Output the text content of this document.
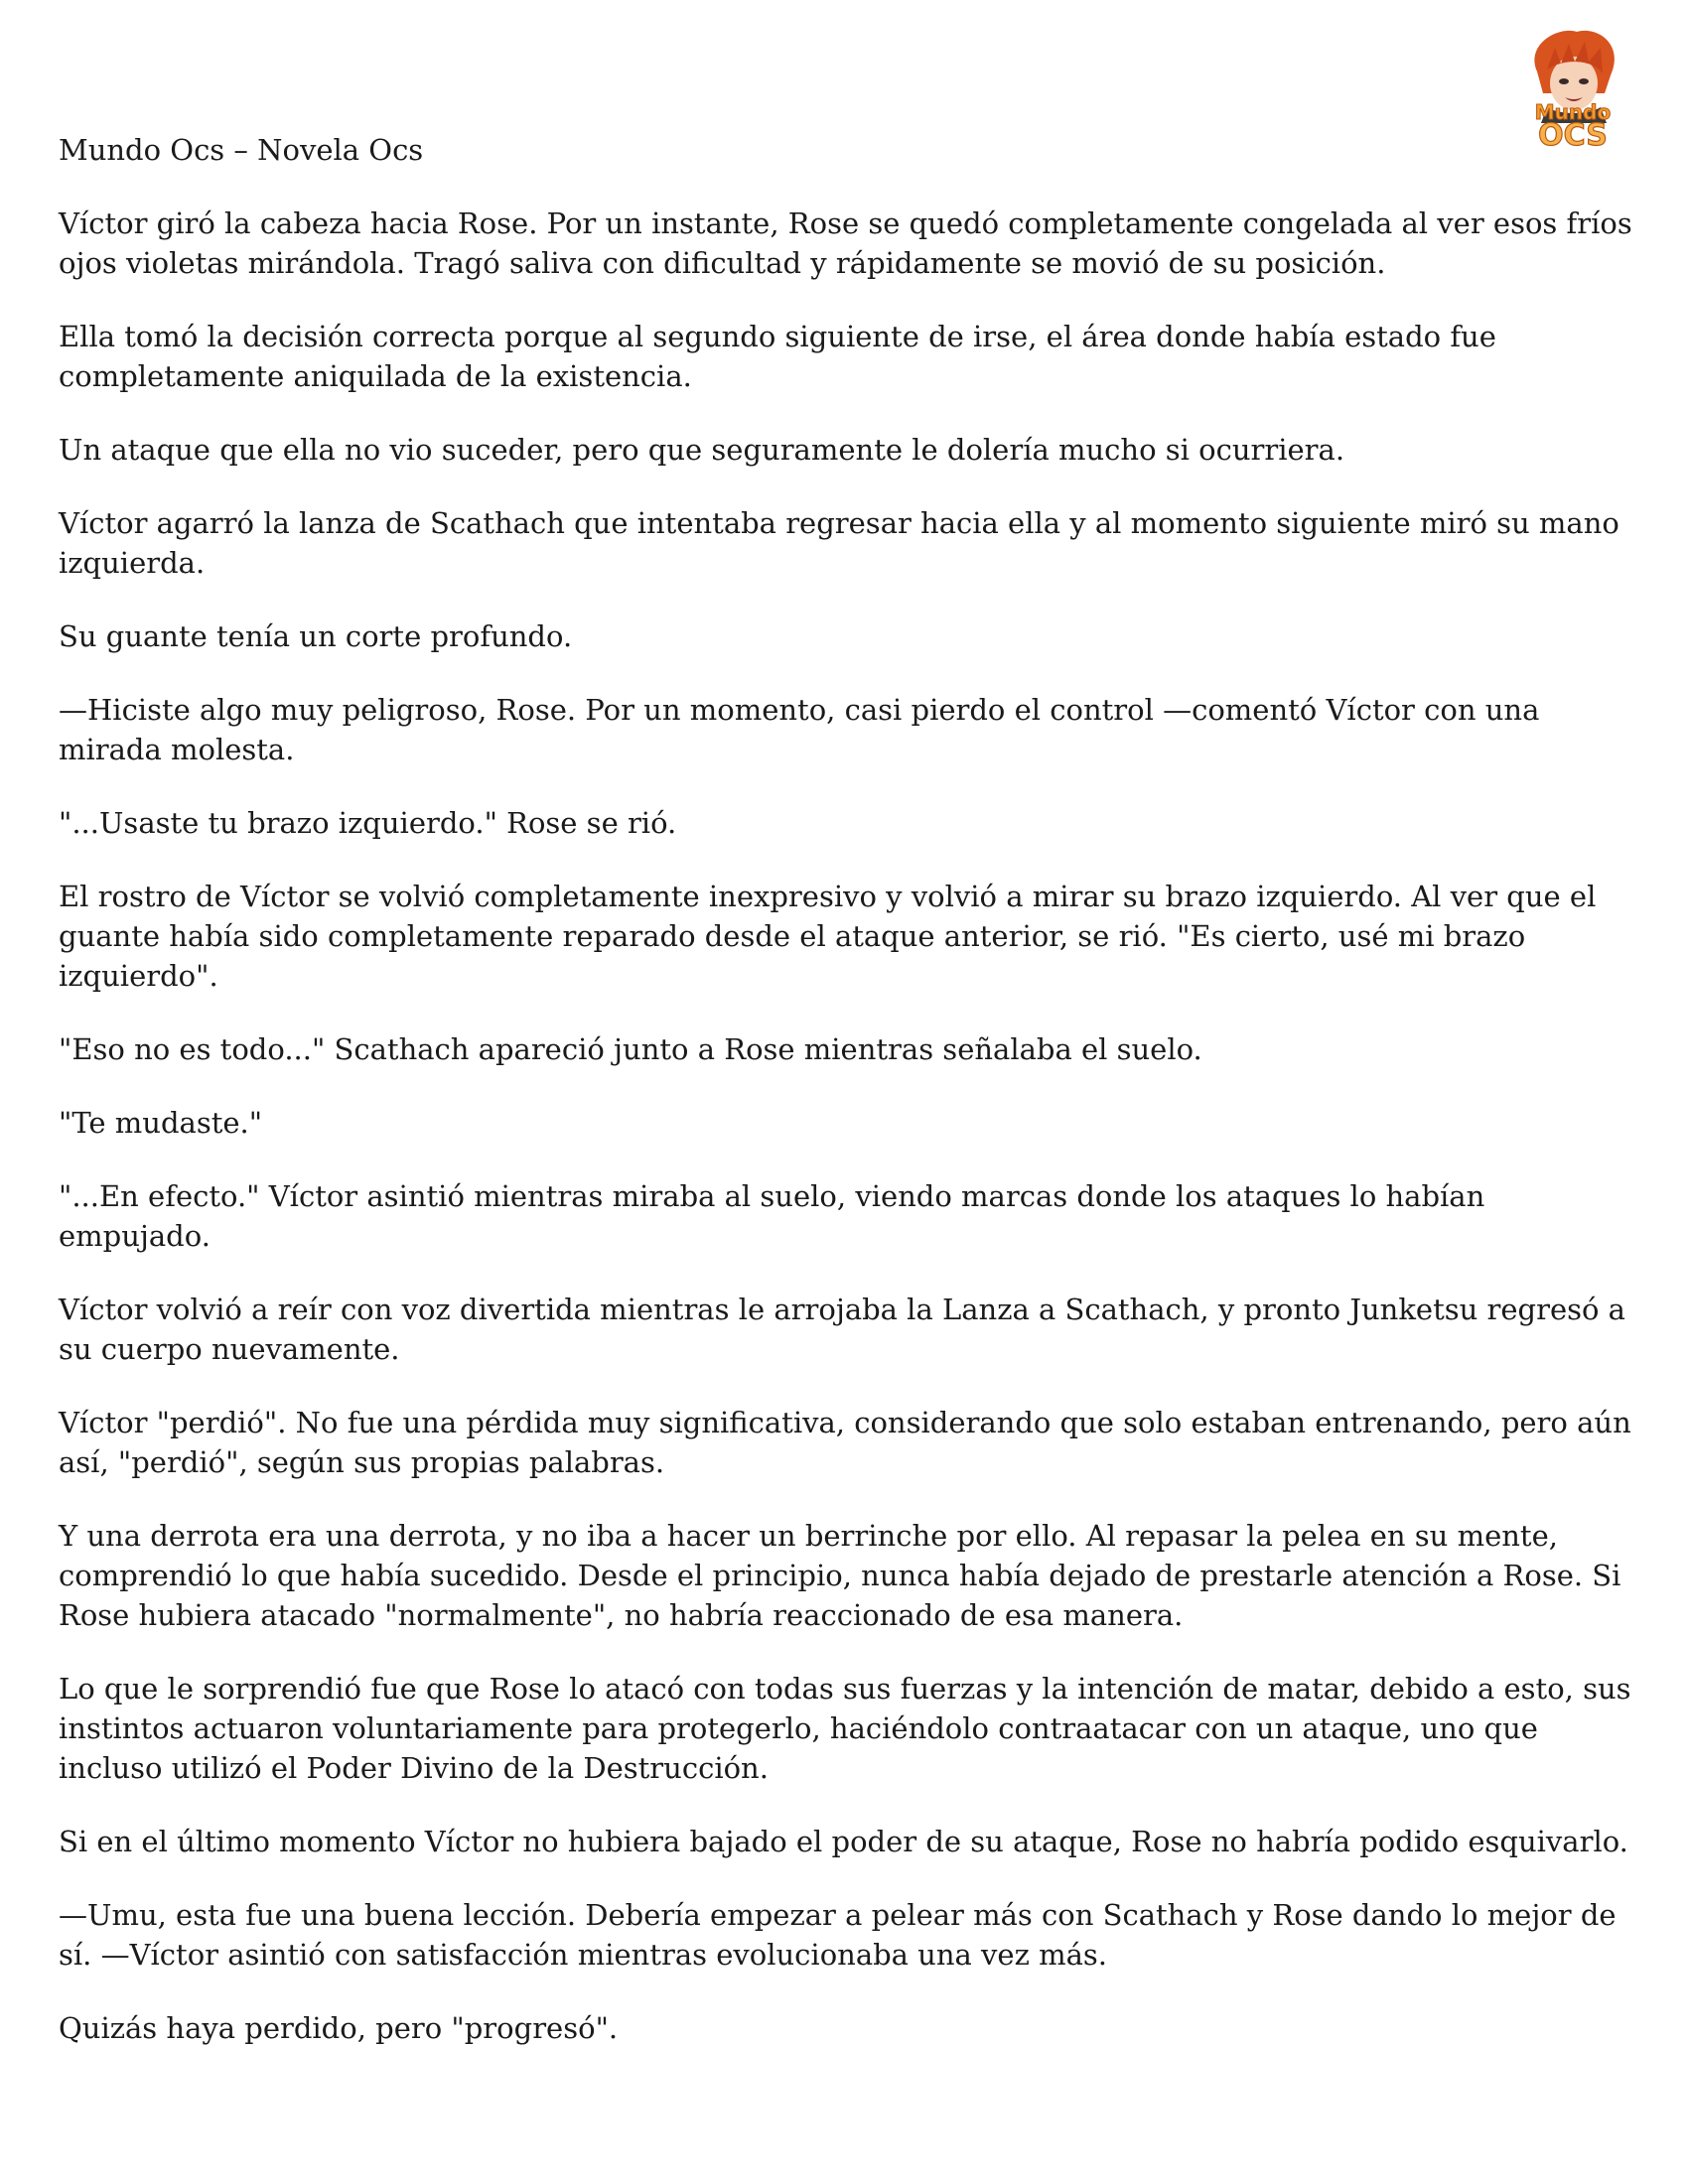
Mundo
OCS

Mundo Ocs – Novela Ocs

Víctor giró la cabeza hacia Rose. Por un instante, Rose se quedó completamente congelada al ver esos fríos ojos violetas mirándola. Tragó saliva con dificultad y rápidamente se movió de su posición.

Ella tomó la decisión correcta porque al segundo siguiente de irse, el área donde había estado fue completamente aniquilada de la existencia.

Un ataque que ella no vio suceder, pero que seguramente le dolería mucho si ocurriera.

Víctor agarró la lanza de Scathach que intentaba regresar hacia ella y al momento siguiente miró su mano izquierda.

Su guante tenía un corte profundo.

—Hiciste algo muy peligroso, Rose. Por un momento, casi pierdo el control —comentó Víctor con una mirada molesta.

"...Usaste tu brazo izquierdo." Rose se rió.

El rostro de Víctor se volvió completamente inexpresivo y volvió a mirar su brazo izquierdo. Al ver que el guante había sido completamente reparado desde el ataque anterior, se rió. "Es cierto, usé mi brazo izquierdo".

"Eso no es todo..." Scathach apareció junto a Rose mientras señalaba el suelo.

"Te mudaste."

"...En efecto." Víctor asintió mientras miraba al suelo, viendo marcas donde los ataques lo habían empujado.

Víctor volvió a reír con voz divertida mientras le arrojaba la Lanza a Scathach, y pronto Junketsu regresó a su cuerpo nuevamente.

Víctor "perdió". No fue una pérdida muy significativa, considerando que solo estaban entrenando, pero aún así, "perdió", según sus propias palabras.

Y una derrota era una derrota, y no iba a hacer un berrinche por ello. Al repasar la pelea en su mente, comprendió lo que había sucedido. Desde el principio, nunca había dejado de prestarle atención a Rose. Si Rose hubiera atacado "normalmente", no habría reaccionado de esa manera.

Lo que le sorprendió fue que Rose lo atacó con todas sus fuerzas y la intención de matar, debido a esto, sus instintos actuaron voluntariamente para protegerlo, haciéndolo contraatacar con un ataque, uno que incluso utilizó el Poder Divino de la Destrucción.

Si en el último momento Víctor no hubiera bajado el poder de su ataque, Rose no habría podido esquivarlo.

—Umu, esta fue una buena lección. Debería empezar a pelear más con Scathach y Rose dando lo mejor de sí. —Víctor asintió con satisfacción mientras evolucionaba una vez más.

Quizás haya perdido, pero "progresó".
